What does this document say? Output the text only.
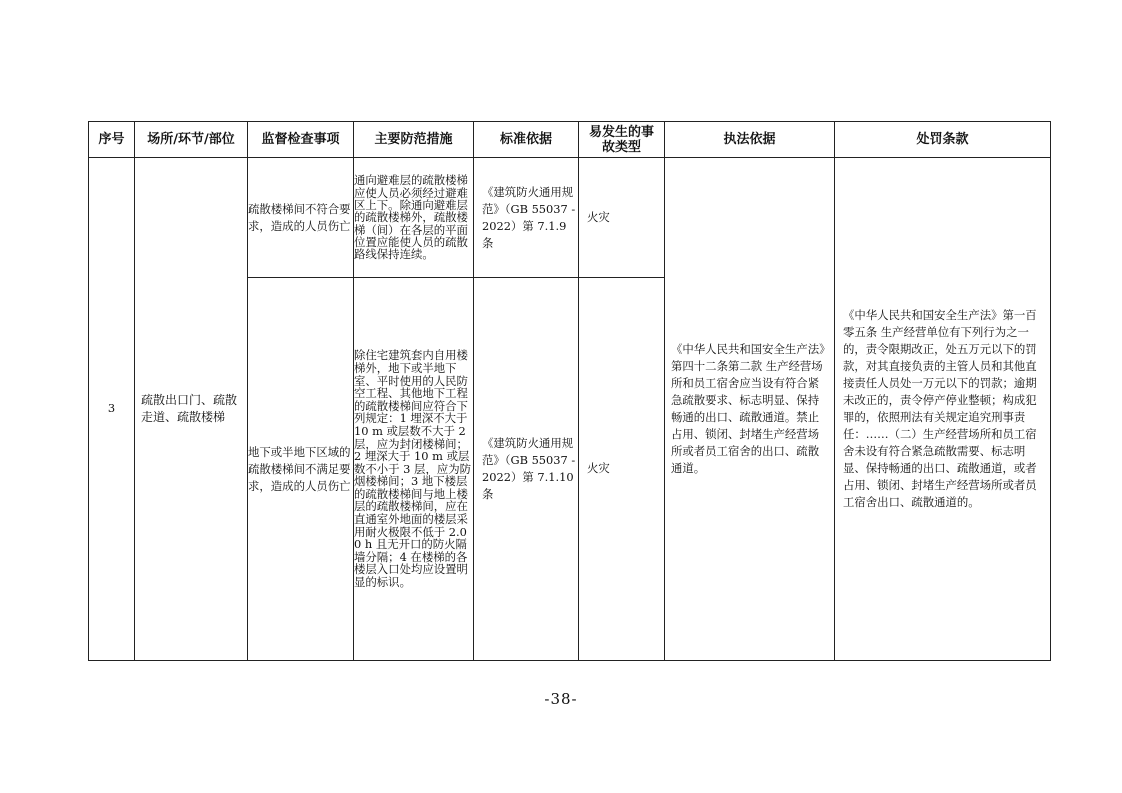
序号	场所/环节/部位	监督检查事项	主要防范措施	标准依据	易发生的事故类型	执法依据	处罚条款
3	疏散出口门、疏散走道、疏散楼梯	疏散楼梯间不符合要求，造成的人员伤亡	通向避难层的疏散楼梯应使人员必须经过避难区上下。除通向避难层的疏散楼梯外，疏散楼梯（间）在各层的平面位置应能使人员的疏散路线保持连续。	《建筑防火通用规范》（GB 55037 -2022）第 7.1.9 条	火灾	《中华人民共和国安全生产法》第四十二条第二款 生产经营场所和员工宿舍应当设有符合紧急疏散要求、标志明显、保持畅通的出口、疏散通道。禁止占用、锁闭、封堵生产经营场所或者员工宿舍的出口、疏散通道。	《中华人民共和国安全生产法》第一百零五条 生产经营单位有下列行为之一的，责令限期改正，处五万元以下的罚款，对其直接负责的主管人员和其他直接责任人员处一万元以下的罚款；逾期未改正的，责令停产停业整顿；构成犯罪的，依照刑法有关规定追究刑事责任：……（二）生产经营场所和员工宿舍未设有符合紧急疏散需要、标志明显、保持畅通的出口、疏散通道，或者占用、锁闭、封堵生产经营场所或者员工宿舍出口、疏散通道的。
		地下或半地下区域的疏散楼梯间不满足要求，造成的人员伤亡	除住宅建筑套内自用楼梯外，地下或半地下室、平时使用的人民防空工程、其他地下工程的疏散楼梯间应符合下列规定：1 埋深不大于 10 m 或层数不大于 2 层，应为封闭楼梯间；2 埋深大于 10 m 或层数不小于 3 层，应为防烟楼梯间；3 地下楼层的疏散楼梯间与地上楼层的疏散楼梯间，应在直通室外地面的楼层采用耐火极限不低于 2.00 h 且无开口的防火隔墙分隔；4 在楼梯的各楼层入口处均应设置明显的标识。	《建筑防火通用规范》（GB 55037 -2022）第 7.1.10 条	火灾		
-38-
